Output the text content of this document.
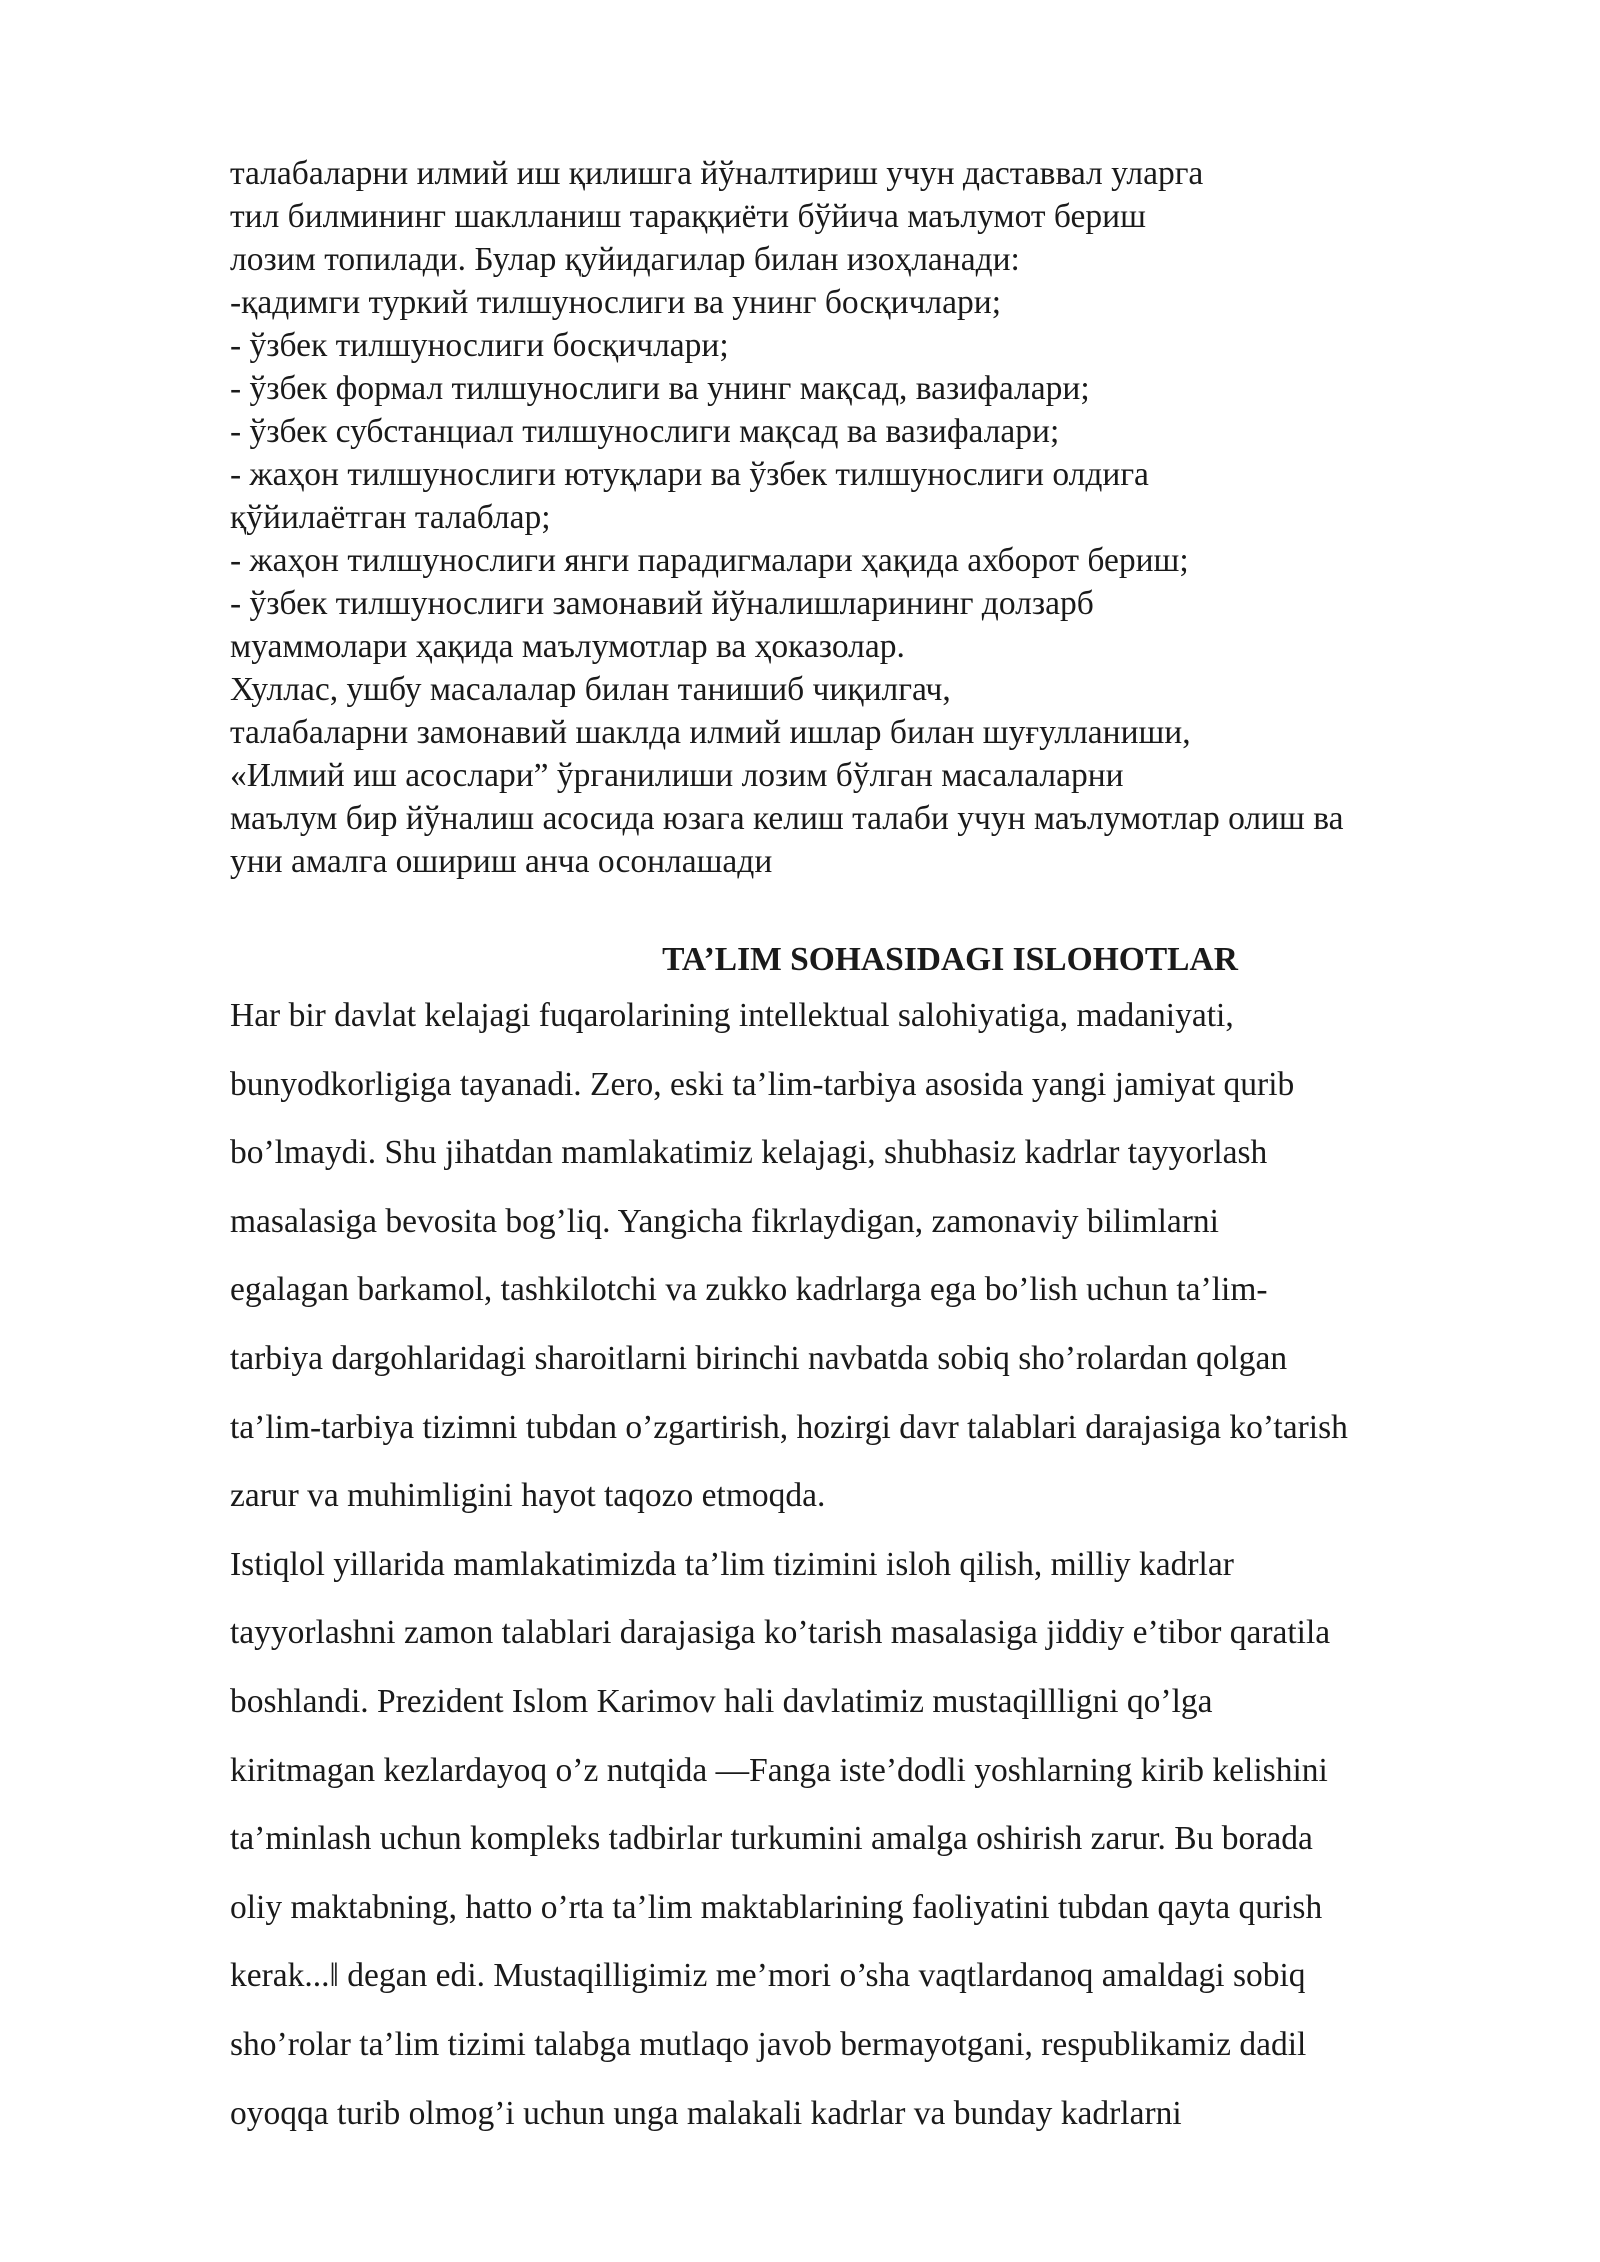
талабаларни илмий иш қилишга йўналтириш учун даставвал уларга
тил билмининг шаклланиш тараққиёти бўйича маълумот бериш
лозим топилади. Булар қуйидагилар билан изоҳланади:
-қадимги туркий тилшунослиги ва унинг босқичлари;
- ўзбек тилшунослиги босқичлари;
- ўзбек формал тилшунослиги ва унинг мақсад, вазифалари;
- ўзбек субстанциал тилшунослиги мақсад ва вазифалари;
- жаҳон тилшунослиги ютуқлари ва ўзбек тилшунослиги олдига
қўйилаётган талаблар;
- жаҳон тилшунослиги янги парадигмалари ҳақида ахборот бериш;
- ўзбек тилшунослиги замонавий йўналишларининг долзарб
муаммолари ҳақида маълумотлар ва ҳоказолар.
Хуллас, ушбу масалалар билан танишиб чиқилгач,
талабаларни замонавий шаклда илмий ишлар билан шуғулланиши,
«Илмий иш асослари” ўрганилиши лозим бўлган масалаларни
маълум бир йўналиш асосида юзага келиш талаби учун маълумотлар олиш ва
уни амалга ошириш анча осонлашади
TA’LIM SOHASIDAGI ISLOHOTLAR
Har bir davlat kelajagi fuqarolarining intellektual salohiyatiga, madaniyati,
bunyodkorligiga tayanadi. Zero, eski ta’lim-tarbiya asosida yangi jamiyat qurib
bo’lmaydi. Shu jihatdan mamlakatimiz kelajagi, shubhasiz kadrlar tayyorlash
masalasiga bevosita bog’liq. Yangicha fikrlaydigan, zamonaviy bilimlarni
egalagan barkamol, tashkilotchi va zukko kadrlarga ega bo’lish uchun ta’lim-
tarbiya dargohlaridagi sharoitlarni birinchi navbatda sobiq sho’rolardan qolgan
ta’lim-tarbiya tizimni tubdan o’zgartirish, hozirgi davr talablari darajasiga ko’tarish
zarur va muhimligini hayot taqozo etmoqda.
Istiqlol yillarida mamlakatimizda ta’lim tizimini isloh qilish, milliy kadrlar
tayyorlashni zamon talablari darajasiga ko’tarish masalasiga jiddiy e’tibor qaratila
boshlandi. Prezident Islom Karimov hali davlatimiz mustaqillligni qo’lga
kiritmagan kezlardayoq o’z nutqida ―Fanga iste’dodli yoshlarning kirib kelishini
ta’minlash uchun kompleks tadbirlar turkumini amalga oshirish zarur. Bu borada
oliy maktabning, hatto o’rta ta’lim maktablarining faoliyatini tubdan qayta qurish
kerak...‖ degan edi. Mustaqilligimiz me’mori o’sha vaqtlardanoq amaldagi sobiq
sho’rolar ta’lim tizimi talabga mutlaqo javob bermayotgani, respublikamiz dadil
oyoqqa turib olmog’i uchun unga malakali kadrlar va bunday kadrlarni
